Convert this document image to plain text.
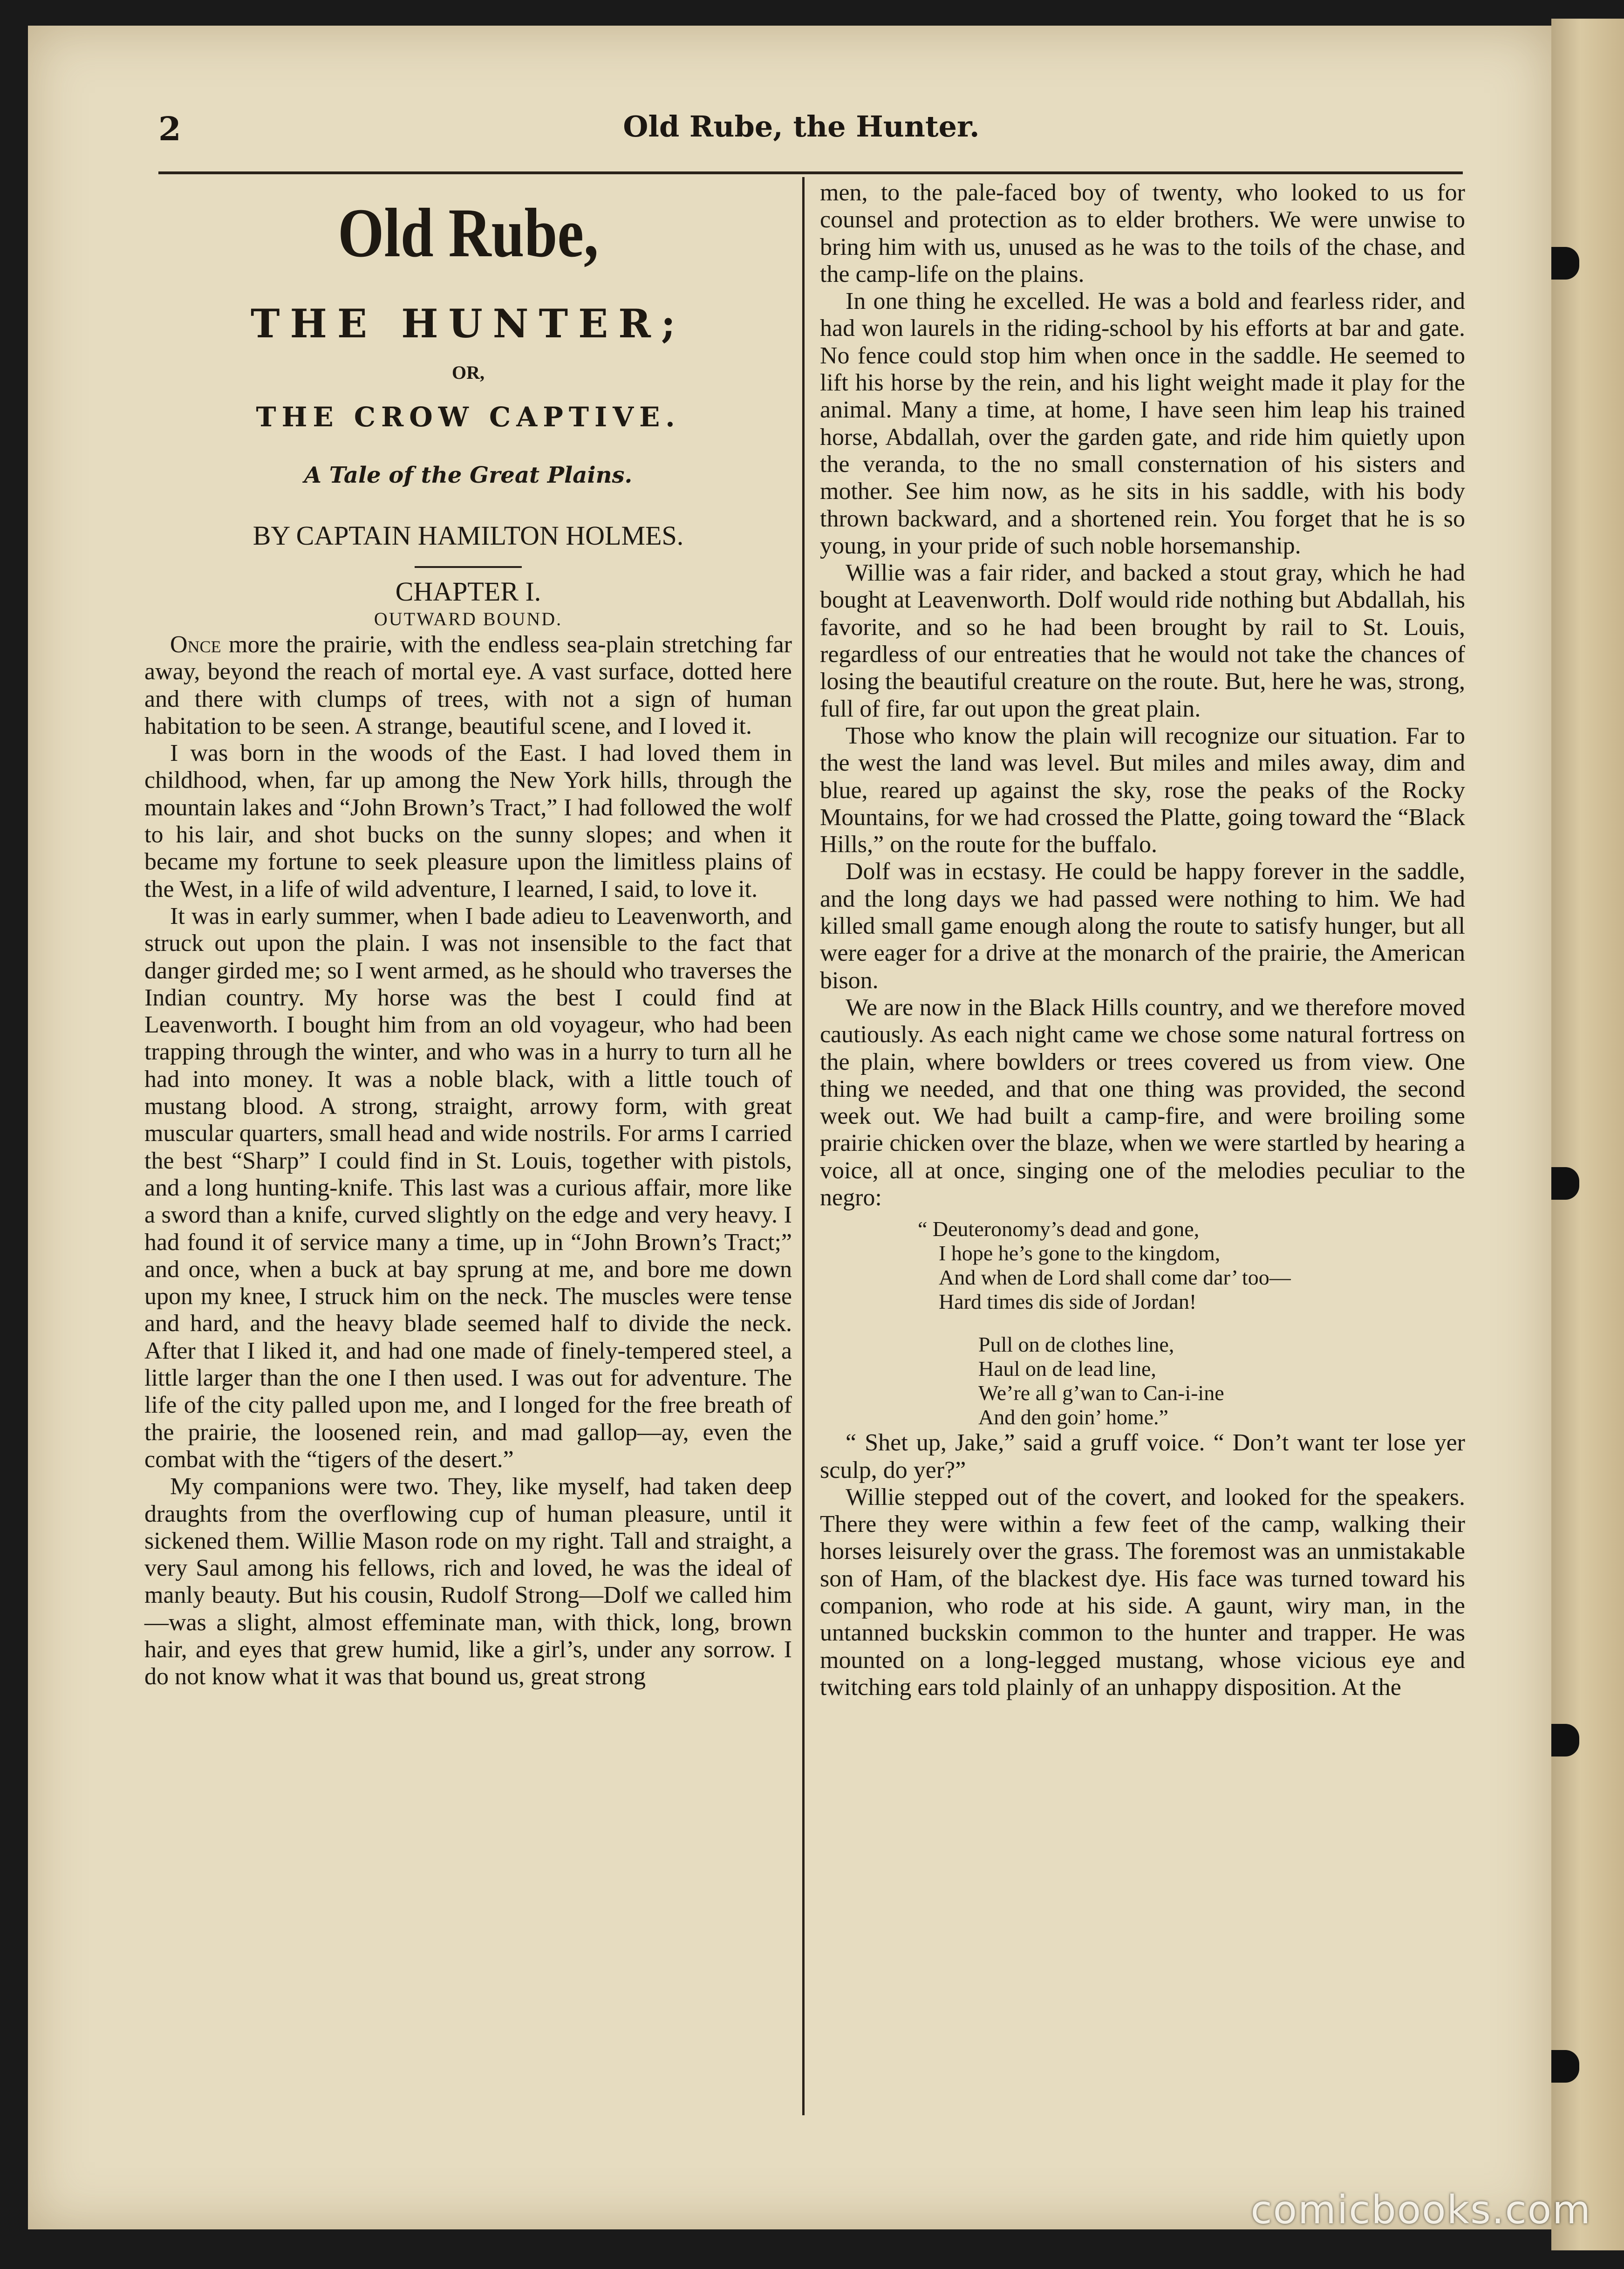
2	Old Rube, the Hunter.
Old Rube,
THE HUNTER;
OR,
THE CROW CAPTIVE.
A Tale of the Great Plains.
BY CAPTAIN HAMILTON HOLMES.
CHAPTER I.
OUTWARD BOUND.

Once more the prairie, with the endless sea-plain stretching far away, beyond the reach of mortal eye. A vast surface, dotted here and there with clumps of trees, with not a sign of human habitation to be seen. A strange, beautiful scene, and I loved it.

I was born in the woods of the East. I had loved them in childhood, when, far up among the New York hills, through the mountain lakes and “John Brown’s Tract,” I had followed the wolf to his lair, and shot bucks on the sunny slopes; and when it became my fortune to seek pleasure upon the limitless plains of the West, in a life of wild adventure, I learned, I said, to love it.

It was in early summer, when I bade adieu to Leavenworth, and struck out upon the plain. I was not insensible to the fact that danger girded me; so I went armed, as he should who traverses the Indian country. My horse was the best I could find at Leavenworth. I bought him from an old voyageur, who had been trapping through the winter, and who was in a hurry to turn all he had into money. It was a noble black, with a little touch of mustang blood. A strong, straight, arrowy form, with great muscular quarters, small head and wide nostrils. For arms I carried the best “Sharp” I could find in St. Louis, together with pistols, and a long hunting-knife. This last was a curious affair, more like a sword than a knife, curved slightly on the edge and very heavy. I had found it of service many a time, up in “John Brown’s Tract;” and once, when a buck at bay sprung at me, and bore me down upon my knee, I struck him on the neck. The muscles were tense and hard, and the heavy blade seemed half to divide the neck. After that I liked it, and had one made of finely-tempered steel, a little larger than the one I then used. I was out for adventure. The life of the city palled upon me, and I longed for the free breath of the prairie, the loosened rein, and mad gallop—ay, even the combat with the “tigers of the desert.”

My companions were two. They, like myself, had taken deep draughts from the overflowing cup of human pleasure, until it sickened them. Willie Mason rode on my right. Tall and straight, a very Saul among his fellows, rich and loved, he was the ideal of manly beauty. But his cousin, Rudolf Strong—Dolf we called him—was a slight, almost effeminate man, with thick, long, brown hair, and eyes that grew humid, like a girl’s, under any sorrow. I do not know what it was that bound us, great strong

men, to the pale-faced boy of twenty, who looked to us for counsel and protection as to elder brothers. We were unwise to bring him with us, unused as he was to the toils of the chase, and the camp-life on the plains.

In one thing he excelled. He was a bold and fearless rider, and had won laurels in the riding-school by his efforts at bar and gate. No fence could stop him when once in the saddle. He seemed to lift his horse by the rein, and his light weight made it play for the animal. Many a time, at home, I have seen him leap his trained horse, Abdallah, over the garden gate, and ride him quietly upon the veranda, to the no small consternation of his sisters and mother. See him now, as he sits in his saddle, with his body thrown backward, and a shortened rein. You forget that he is so young, in your pride of such noble horsemanship.

Willie was a fair rider, and backed a stout gray, which he had bought at Leavenworth. Dolf would ride nothing but Abdallah, his favorite, and so he had been brought by rail to St. Louis, regardless of our entreaties that he would not take the chances of losing the beautiful creature on the route. But, here he was, strong, full of fire, far out upon the great plain.

Those who know the plain will recognize our situation. Far to the west the land was level. But miles and miles away, dim and blue, reared up against the sky, rose the peaks of the Rocky Mountains, for we had crossed the Platte, going toward the “Black Hills,” on the route for the buffalo.

Dolf was in ecstasy. He could be happy forever in the saddle, and the long days we had passed were nothing to him. We had killed small game enough along the route to satisfy hunger, but all were eager for a drive at the monarch of the prairie, the American bison.

We are now in the Black Hills country, and we therefore moved cautiously. As each night came we chose some natural fortress on the plain, where bowlders or trees covered us from view. One thing we needed, and that one thing was provided, the second week out. We had built a camp-fire, and were broiling some prairie chicken over the blaze, when we were startled by hearing a voice, all at once, singing one of the melodies peculiar to the negro:

“ Deuteronomy’s dead and gone,
I hope he’s gone to the kingdom,
And when de Lord shall come dar’ too—
Hard times dis side of Jordan!
Pull on de clothes line,
Haul on de lead line,
We’re all g’wan to Can-i-ine
And den goin’ home.”

“ Shet up, Jake,” said a gruff voice. “ Don’t want ter lose yer sculp, do yer?”

Willie stepped out of the covert, and looked for the speakers. There they were within a few feet of the camp, walking their horses leisurely over the grass. The foremost was an unmistakable son of Ham, of the blackest dye. His face was turned toward his companion, who rode at his side. A gaunt, wiry man, in the untanned buckskin common to the hunter and trapper. He was mounted on a long-legged mustang, whose vicious eye and twitching ears told plainly of an unhappy disposition. At the

comicbooks.com
